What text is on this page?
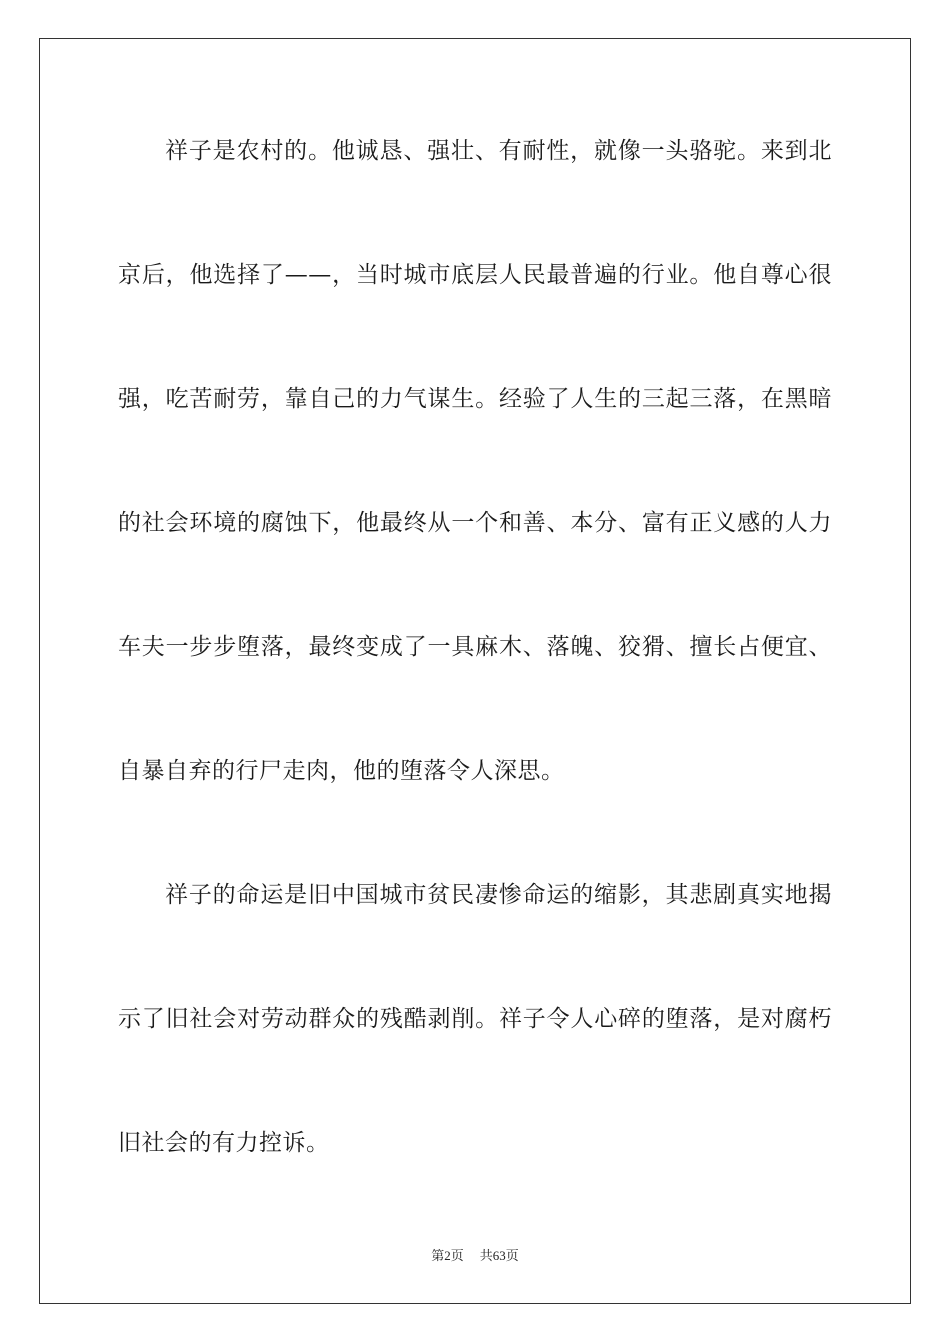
祥子是农村的。他诚恳、强壮、有耐性，就像一头骆驼。来到北
京后，他选择了——，当时城市底层人民最普遍的行业。他自尊心很
强，吃苦耐劳，靠自己的力气谋生。经验了人生的三起三落，在黑暗
的社会环境的腐蚀下，他最终从一个和善、本分、富有正义感的人力
车夫一步步堕落，最终变成了一具麻木、落魄、狡猾、擅长占便宜、
自暴自弃的行尸走肉，他的堕落令人深思。
祥子的命运是旧中国城市贫民凄惨命运的缩影，其悲剧真实地揭
示了旧社会对劳动群众的残酷剥削。祥子令人心碎的堕落，是对腐朽
旧社会的有力控诉。
第2页 共63页
